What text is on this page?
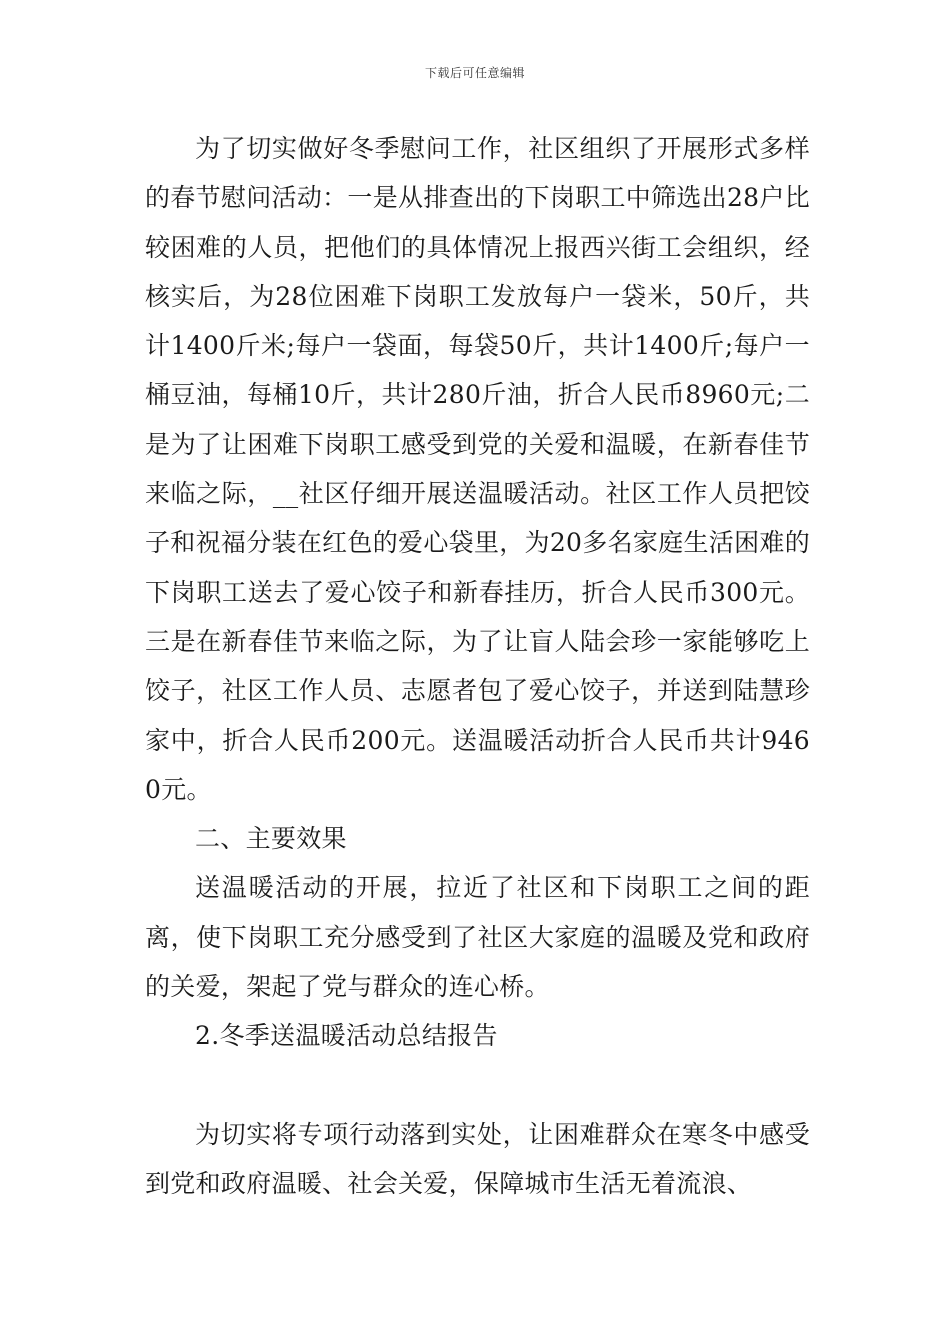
下载后可任意编辑

为了切实做好冬季慰问工作，社区组织了开展形式多样的春节慰问活动：一是从排查出的下岗职工中筛选出28户比较困难的人员，把他们的具体情况上报西兴街工会组织，经核实后，为28位困难下岗职工发放每户一袋米，50斤，共计1400斤米;每户一袋面，每袋50斤，共计1400斤;每户一桶豆油，每桶10斤，共计280斤油，折合人民币8960元;二是为了让困难下岗职工感受到党的关爱和温暖，在新春佳节来临之际，__社区仔细开展送温暖活动。社区工作人员把饺子和祝福分装在红色的爱心袋里，为20多名家庭生活困难的下岗职工送去了爱心饺子和新春挂历，折合人民币300元。三是在新春佳节来临之际，为了让盲人陆会珍一家能够吃上饺子，社区工作人员、志愿者包了爱心饺子，并送到陆慧珍家中，折合人民币200元。送温暖活动折合人民币共计9460元。

二、主要效果

送温暖活动的开展，拉近了社区和下岗职工之间的距离，使下岗职工充分感受到了社区大家庭的温暖及党和政府的关爱，架起了党与群众的连心桥。

2.冬季送温暖活动总结报告

为切实将专项行动落到实处，让困难群众在寒冬中感受到党和政府温暖、社会关爱，保障城市生活无着流浪、
